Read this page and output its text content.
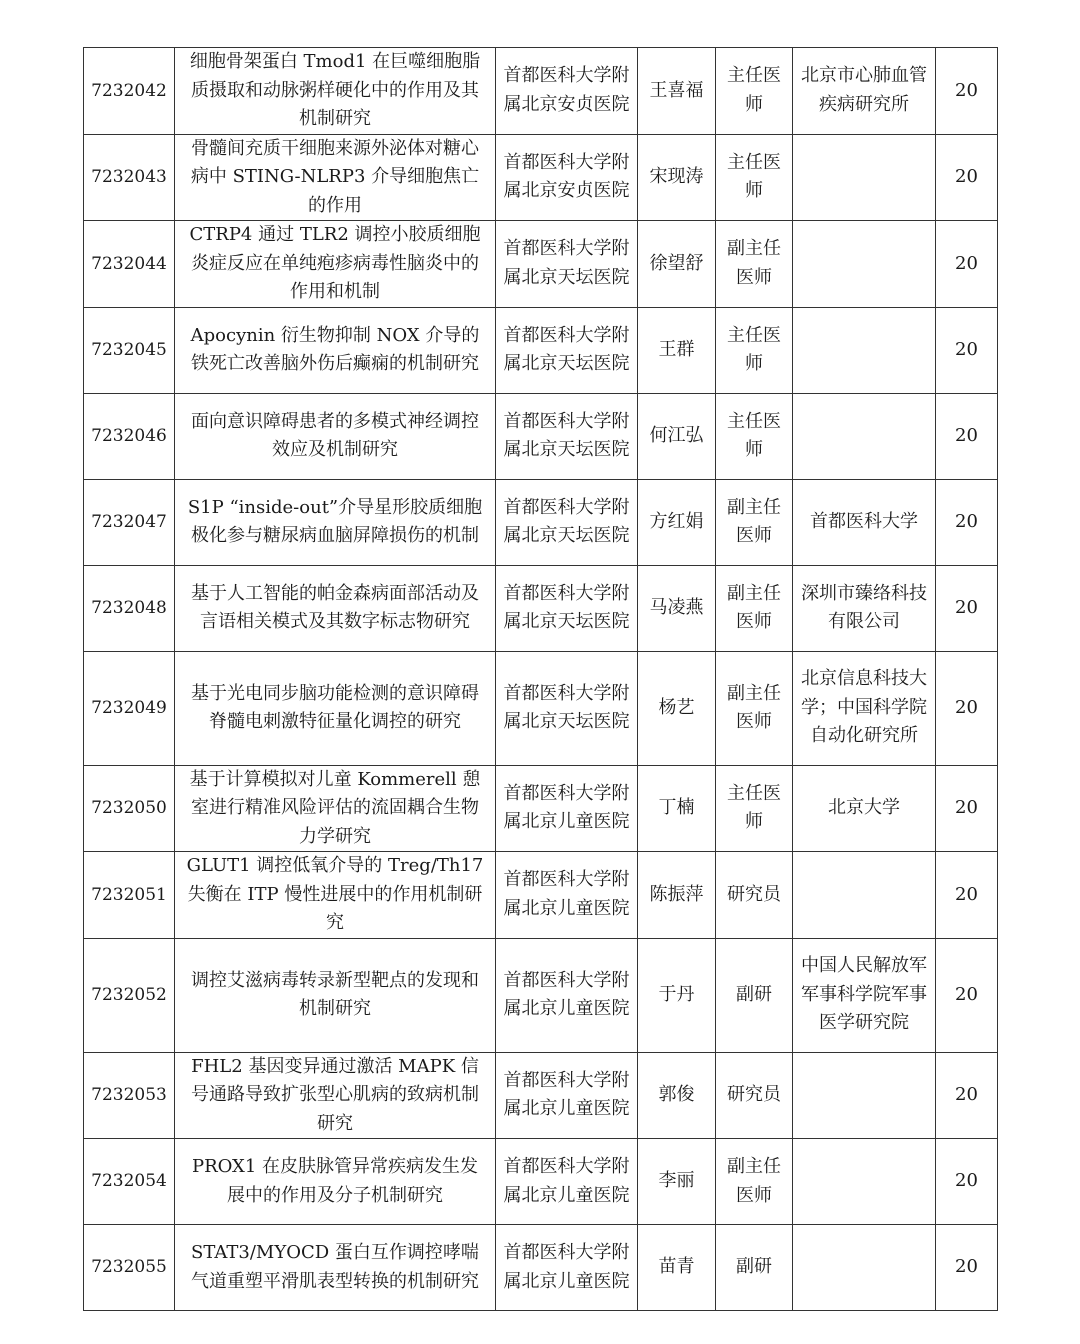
7232042	细胞骨架蛋白 Tmod1 在巨噬细胞脂质摄取和动脉粥样硬化中的作用及其机制研究	首都医科大学附属北京安贞医院	王喜福	主任医师	北京市心肺血管疾病研究所	20
7232043	骨髓间充质干细胞来源外泌体对糖心病中 STING-NLRP3 介导细胞焦亡的作用	首都医科大学附属北京安贞医院	宋现涛	主任医师		20
7232044	CTRP4 通过 TLR2 调控小胶质细胞炎症反应在单纯疱疹病毒性脑炎中的作用和机制	首都医科大学附属北京天坛医院	徐望舒	副主任医师		20
7232045	Apocynin 衍生物抑制 NOX 介导的铁死亡改善脑外伤后癫痫的机制研究	首都医科大学附属北京天坛医院	王群	主任医师		20
7232046	面向意识障碍患者的多模式神经调控效应及机制研究	首都医科大学附属北京天坛医院	何江弘	主任医师		20
7232047	S1P “inside-out”介导星形胶质细胞极化参与糖尿病血脑屏障损伤的机制	首都医科大学附属北京天坛医院	方红娟	副主任医师	首都医科大学	20
7232048	基于人工智能的帕金森病面部活动及言语相关模式及其数字标志物研究	首都医科大学附属北京天坛医院	马凌燕	副主任医师	深圳市臻络科技有限公司	20
7232049	基于光电同步脑功能检测的意识障碍脊髓电刺激特征量化调控的研究	首都医科大学附属北京天坛医院	杨艺	副主任医师	北京信息科技大学；中国科学院自动化研究所	20
7232050	基于计算模拟对儿童 Kommerell 憩室进行精准风险评估的流固耦合生物力学研究	首都医科大学附属北京儿童医院	丁楠	主任医师	北京大学	20
7232051	GLUT1 调控低氧介导的 Treg/Th17 失衡在 ITP 慢性进展中的作用机制研究	首都医科大学附属北京儿童医院	陈振萍	研究员		20
7232052	调控艾滋病毒转录新型靶点的发现和机制研究	首都医科大学附属北京儿童医院	于丹	副研	中国人民解放军军事科学院军事医学研究院	20
7232053	FHL2 基因变异通过激活 MAPK 信号通路导致扩张型心肌病的致病机制研究	首都医科大学附属北京儿童医院	郭俊	研究员		20
7232054	PROX1 在皮肤脉管异常疾病发生发展中的作用及分子机制研究	首都医科大学附属北京儿童医院	李丽	副主任医师		20
7232055	STAT3/MYOCD 蛋白互作调控哮喘气道重塑平滑肌表型转换的机制研究	首都医科大学附属北京儿童医院	苗青	副研		20
